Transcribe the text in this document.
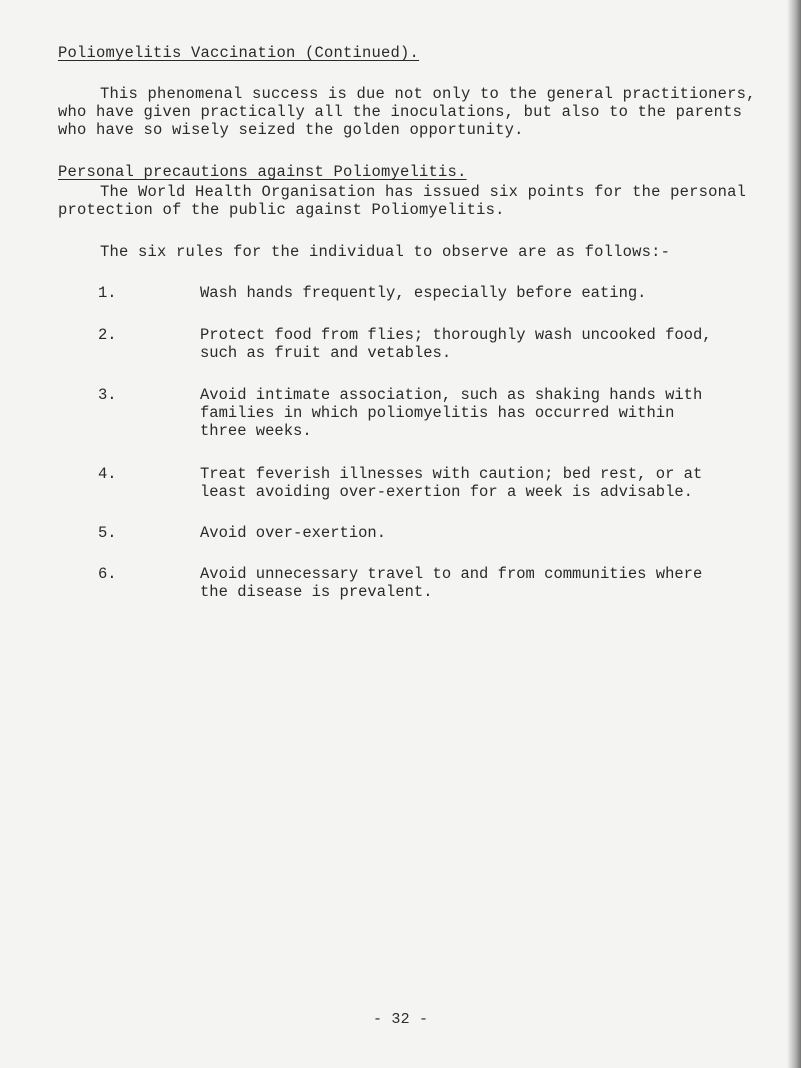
Poliomyelitis Vaccination (Continued).
This phenomenal success is due not only to the general practitioners,
who have given practically all the inoculations, but also to the parents
who have so wisely seized the golden opportunity.
Personal precautions against Poliomyelitis.
The World Health Organisation has issued six points for the personal
protection of the public against Poliomyelitis.
The six rules for the individual to observe are as follows:-
1.	Wash hands frequently, especially before eating.
2.	Protect food from flies; thoroughly wash uncooked food,
such as fruit and vetables.
3.	Avoid intimate association, such as shaking hands with
families in which poliomyelitis has occurred within
three weeks.
4.	Treat feverish illnesses with caution; bed rest, or at
least avoiding over-exertion for a week is advisable.
5.	Avoid over-exertion.
6.	Avoid unnecessary travel to and from communities where
the disease is prevalent.
- 32 -
